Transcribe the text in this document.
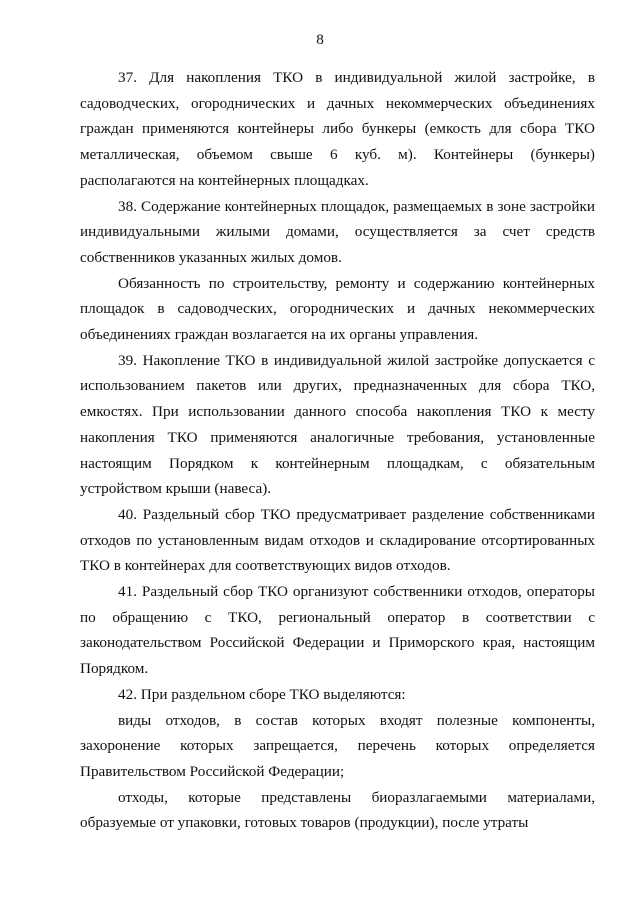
8

37. Для накопления ТКО в индивидуальной жилой застройке, в садоводческих, огороднических и дачных некоммерческих объединениях граждан применяются контейнеры либо бункеры (емкость для сбора ТКО металлическая, объемом свыше 6 куб. м). Контейнеры (бункеры) располагаются на контейнерных площадках.

38. Содержание контейнерных площадок, размещаемых в зоне застройки индивидуальными жилыми домами, осуществляется за счет средств собственников указанных жилых домов.

Обязанность по строительству, ремонту и содержанию контейнерных площадок в садоводческих, огороднических и дачных некоммерческих объединениях граждан возлагается на их органы управления.

39. Накопление ТКО в индивидуальной жилой застройке допускается с использованием пакетов или других, предназначенных для сбора ТКО, емкостях. При использовании данного способа накопления ТКО к месту накопления ТКО применяются аналогичные требования, установленные настоящим Порядком к контейнерным площадкам, с обязательным устройством крыши (навеса).

40. Раздельный сбор ТКО предусматривает разделение собственниками отходов по установленным видам отходов и складирование отсортированных ТКО в контейнерах для соответствующих видов отходов.

41. Раздельный сбор ТКО организуют собственники отходов, операторы по обращению с ТКО, региональный оператор в соответствии с законодательством Российской Федерации и Приморского края, настоящим Порядком.

42. При раздельном сборе ТКО выделяются:

виды отходов, в состав которых входят полезные компоненты, захоронение которых запрещается, перечень которых определяется Правительством Российской Федерации;

отходы, которые представлены биоразлагаемыми материалами, образуемые от упаковки, готовых товаров (продукции), после утраты
